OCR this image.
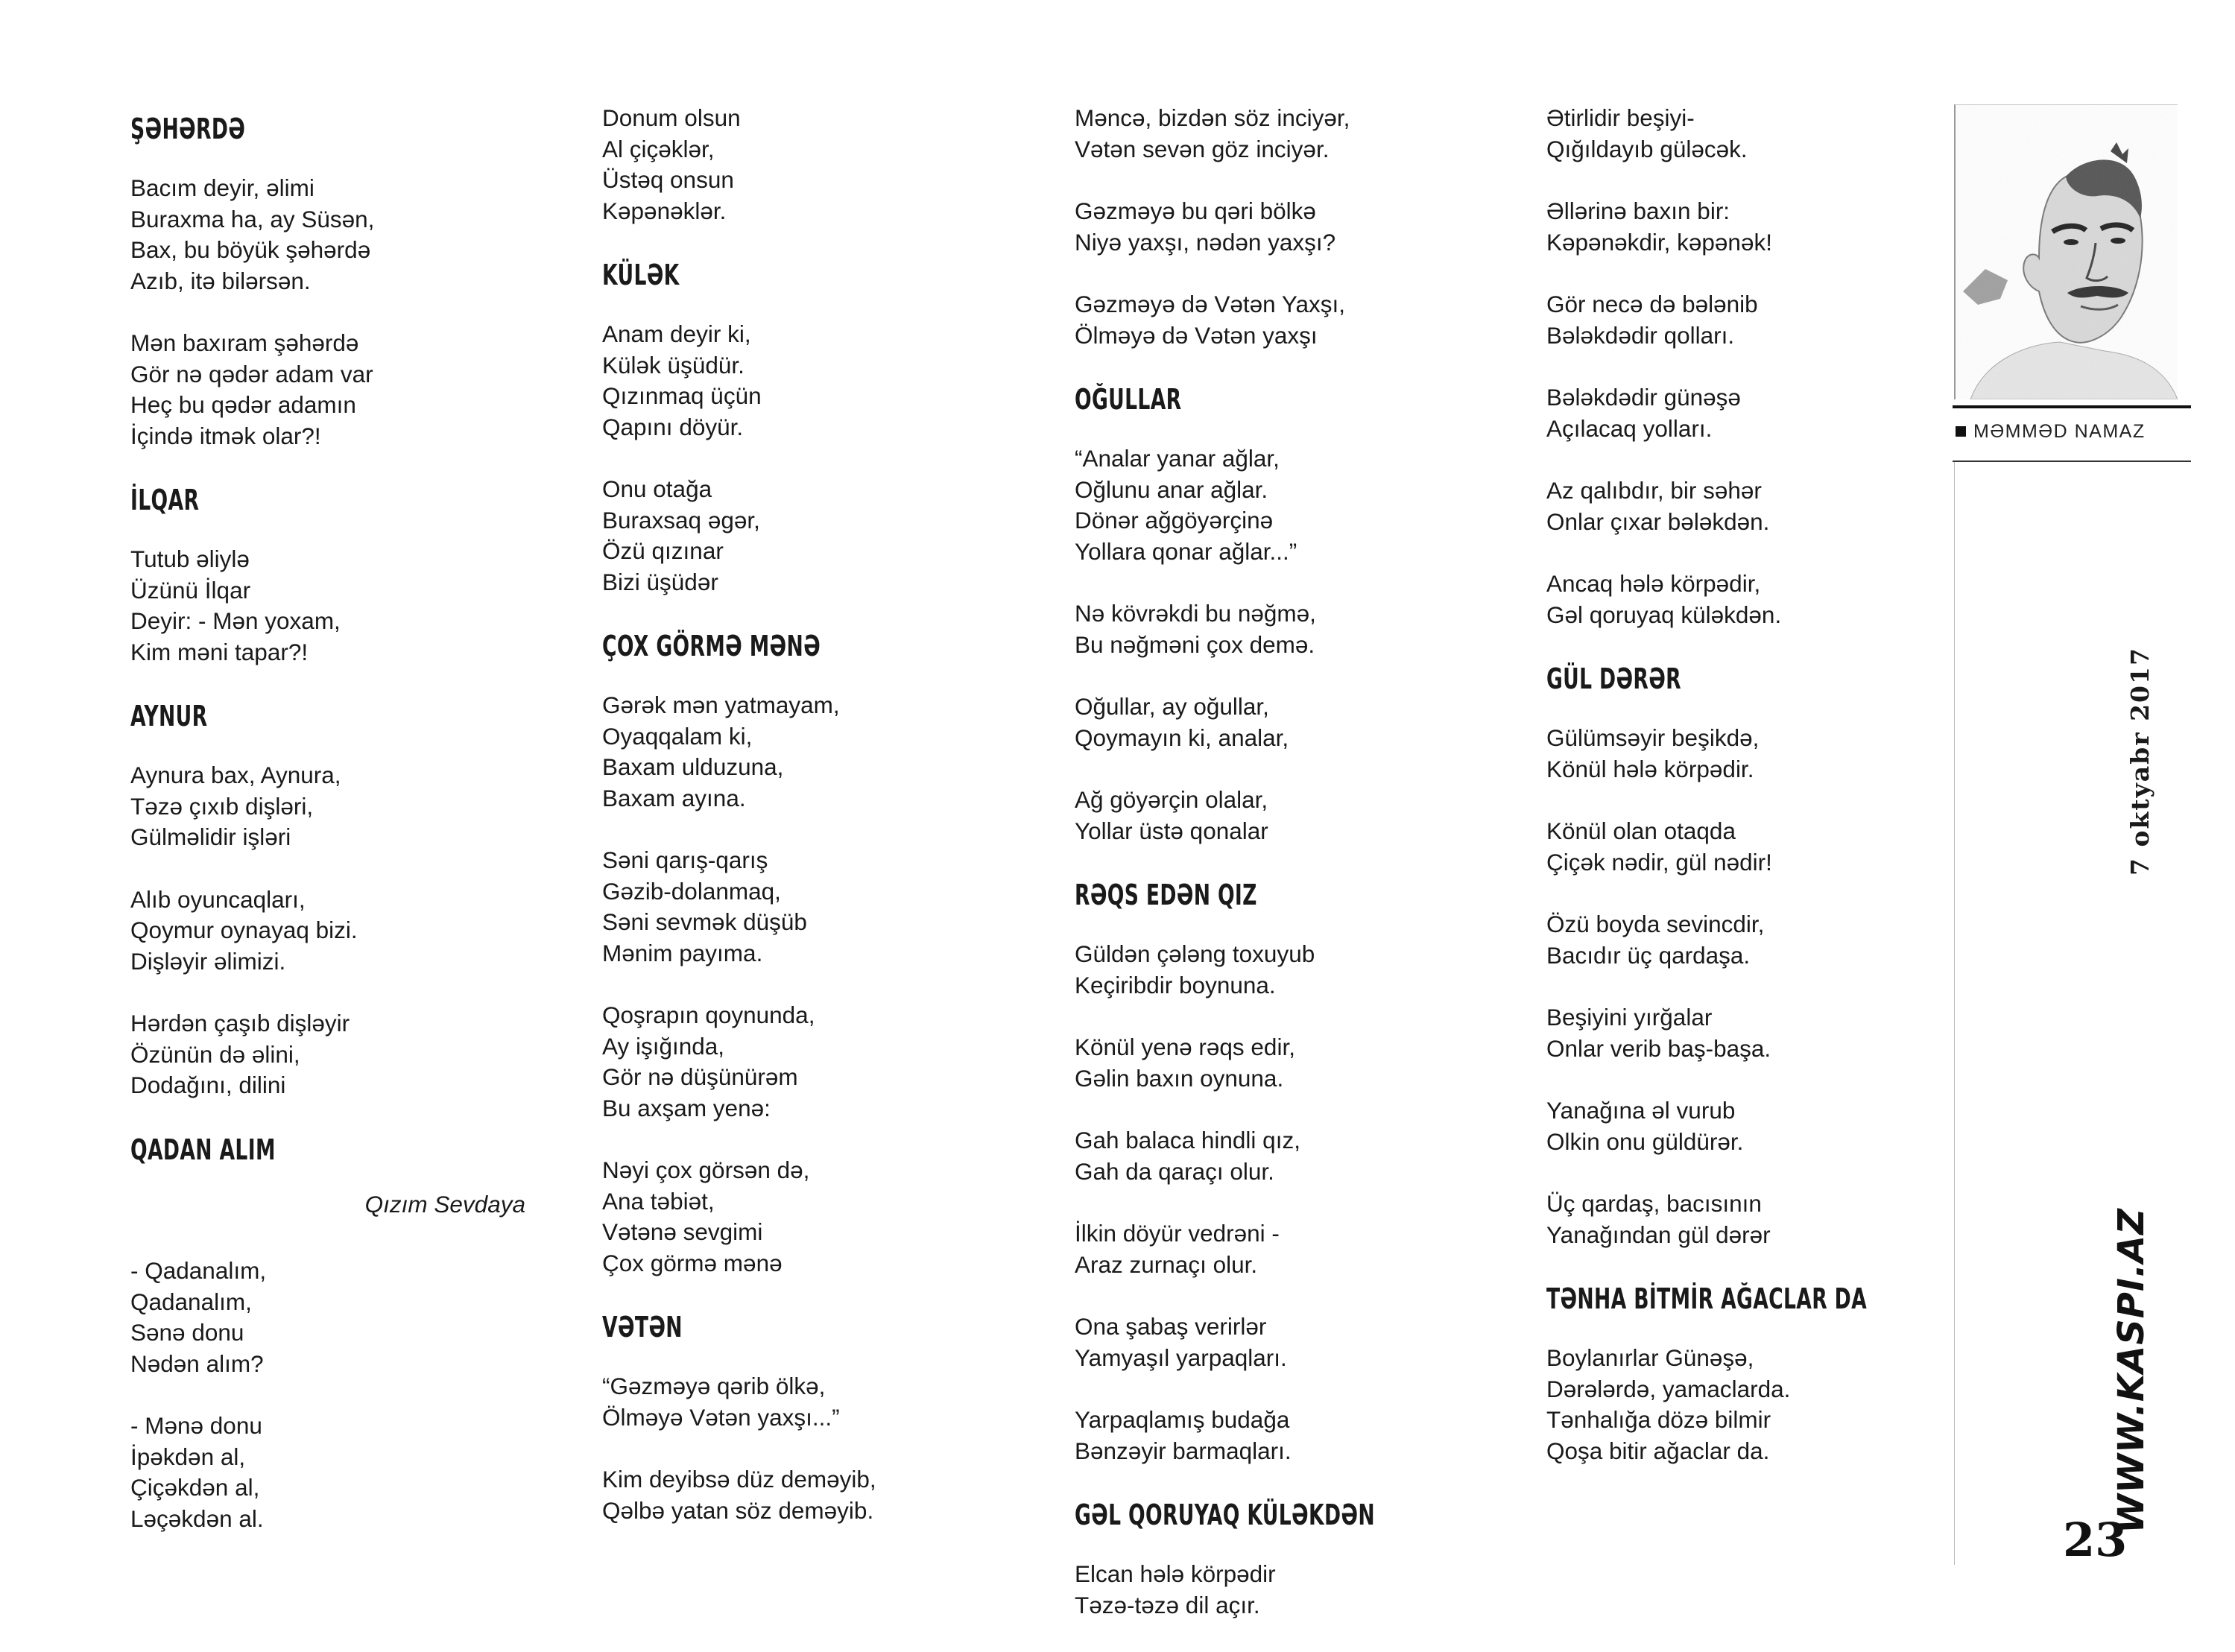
ŞƏHƏRDƏ
Bacım deyir, əlimi
Buraxma ha, ay Süsən,
Bax, bu böyük şəhərdə
Azıb, itə bilərsən.
Mən baxıram şəhərdə
Gör nə qədər adam var
Heç bu qədər adamın
İçində itmək olar?!
İLQAR
Tutub əliylə
Üzünü İlqar
Deyir: - Mən yoxam,
Kim məni tapar?!
AYNUR
Aynura bax, Aynura,
Təzə çıxıb dişləri,
Gülməlidir işləri
Alıb oyuncaqları,
Qoymur oynayaq bizi.
Dişləyir əlimizi.
Hərdən çaşıb dişləyir
Özünün də əlini,
Dodağını, dilini
QADAN ALIM
Qızım Sevdaya
- Qadanalım,
Qadanalım,
Sənə donu
Nədən alım?
- Mənə donu
İpəkdən al,
Çiçəkdən al,
Ləçəkdən al.
Donum olsun
Al çiçəklər,
Üstəq onsun
Kəpənəklər.
KÜLƏK
Anam deyir ki,
Külək üşüdür.
Qızınmaq üçün
Qapını döyür.
Onu otağa
Buraxsaq əgər,
Özü qızınar
Bizi üşüdər
ÇOX GÖRMƏ MƏNƏ
Gərək mən yatmayam,
Oyaqqalam ki,
Baxam ulduzuna,
Baxam ayına.
Səni qarış-qarış
Gəzib-dolanmaq,
Səni sevmək düşüb
Mənim payıma.
Qoşrapın qoynunda,
Ay işığında,
Gör nə düşünürəm
Bu axşam yenə:
Nəyi çox görsən də,
Ana təbiət,
Vətənə sevgimi
Çox görmə mənə
VƏTƏN
“Gəzməyə qərib ölkə,
Ölməyə Vətən yaxşı...”
Kim deyibsə düz deməyib,
Qəlbə yatan söz deməyib.
Məncə, bizdən söz inciyər,
Vətən sevən göz inciyər.
Gəzməyə bu qəri bölkə
Niyə yaxşı, nədən yaxşı?
Gəzməyə də Vətən Yaxşı,
Ölməyə də Vətən yaxşı
OĞULLAR
“Analar yanar ağlar,
Oğlunu anar ağlar.
Dönər ağgöyərçinə
Yollara qonar ağlar...”
Nə kövrəkdi bu nəğmə,
Bu nəğməni çox demə.
Oğullar, ay oğullar,
Qoymayın ki, analar,
Ağ göyərçin olalar,
Yollar üstə qonalar
RƏQS EDƏN QIZ
Güldən çələng toxuyub
Keçiribdir boynuna.
Könül yenə rəqs edir,
Gəlin baxın oynuna.
Gah balaca hindli qız,
Gah da qaraçı olur.
İlkin döyür vedrəni -
Araz zurnaçı olur.
Ona şabaş verirlər
Yamyaşıl yarpaqları.
Yarpaqlamış budağa
Bənzəyir barmaqları.
GƏL QORUYAQ KÜLƏKDƏN
Elcan hələ körpədir
Təzə-təzə dil açır.
Ətirlidir beşiyi-
Qığıldayıb güləcək.
Əllərinə baxın bir:
Kəpənəkdir, kəpənək!
Gör necə də bələnib
Bələkdədir qolları.
Bələkdədir günəşə
Açılacaq yolları.
Az qalıbdır, bir səhər
Onlar çıxar bələkdən.
Ancaq hələ körpədir,
Gəl qoruyaq küləkdən.
GÜL DƏRƏR
Gülümsəyir beşikdə,
Könül hələ körpədir.
Könül olan otaqda
Çiçək nədir, gül nədir!
Özü boyda sevincdir,
Bacıdır üç qardaşa.
Beşiyini yırğalar
Onlar verib baş-başa.
Yanağına əl vurub
Olkin onu güldürər.
Üç qardaş, bacısının
Yanağından gül dərər
TƏNHA BİTMİR AĞACLAR DA
Boylanırlar Günəşə,
Dərələrdə, yamaclarda.
Tənhalığa dözə bilmir
Qoşa bitir ağaclar da.
MƏMMƏD NAMAZ
7 oktyabr 2017
WWW.KASPI.AZ
23
